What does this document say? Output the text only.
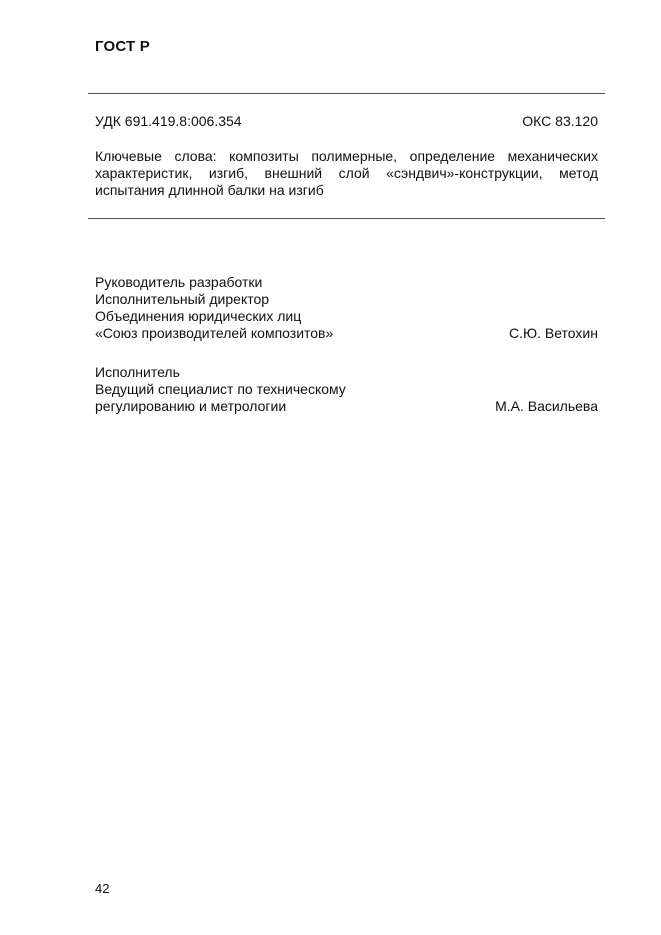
ГОСТ Р
УДК 691.419.8:006.354	ОКС 83.120
Ключевые слова: композиты полимерные, определение механических характеристик, изгиб, внешний слой «сэндвич»-конструкции, метод испытания длинной балки на изгиб
Руководитель разработки
Исполнительный директор
Объединения юридических лиц
«Союз производителей композитов»	С.Ю. Ветохин
Исполнитель
Ведущий специалист по техническому
регулированию и метрологии	М.А. Васильева
42
